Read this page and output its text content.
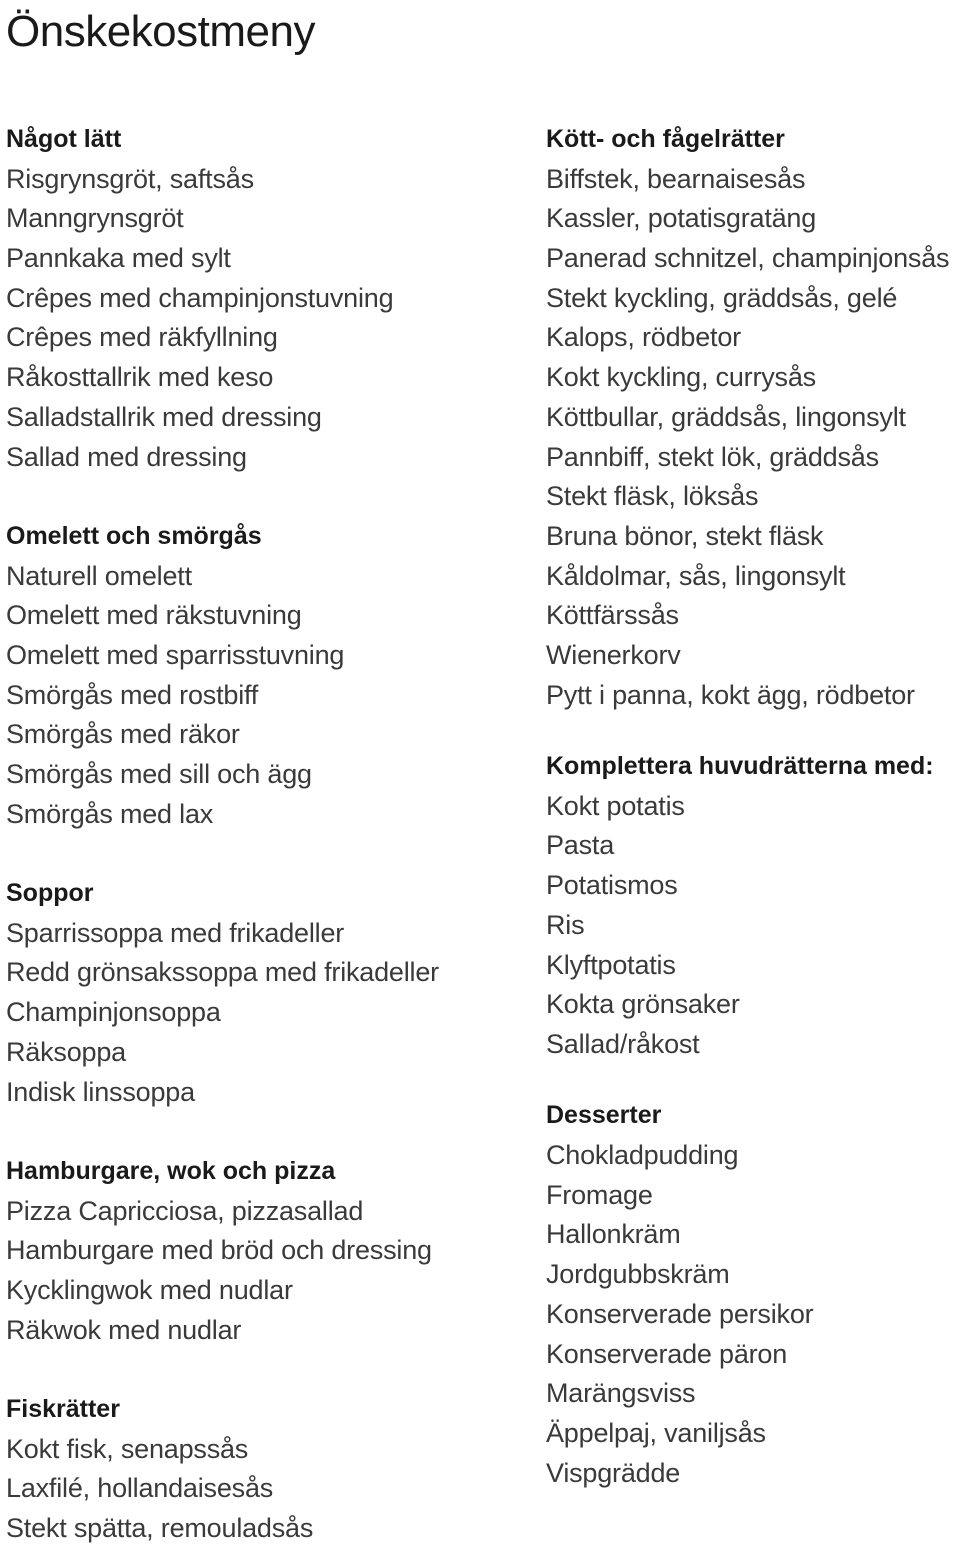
Önskekostmeny
Något lätt
Risgrynsgröt, saftsås
Manngrynsgröt
Pannkaka med sylt
Crêpes med champinjonstuvning
Crêpes med räkfyllning
Råkosttallrik med keso
Salladstallrik med dressing
Sallad med dressing
Omelett och smörgås
Naturell omelett
Omelett med räkstuvning
Omelett med sparrisstuvning
Smörgås med rostbiff
Smörgås med räkor
Smörgås med sill och ägg
Smörgås med lax
Soppor
Sparrissoppa med frikadeller
Redd grönsakssoppa med frikadeller
Champinjonsoppa
Räksoppa
Indisk linssoppa
Hamburgare, wok och pizza
Pizza Capricciosa, pizzasallad
Hamburgare med bröd och dressing
Kycklingwok med nudlar
Räkwok med nudlar
Fiskrätter
Kokt fisk, senapssås
Laxfilé, hollandaisesås
Stekt spätta, remouladsås
Kött- och fågelrätter
Biffstek, bearnaisesås
Kassler, potatisgratäng
Panerad schnitzel, champinjonsås
Stekt kyckling, gräddsås, gelé
Kalops, rödbetor
Kokt kyckling, currysås
Köttbullar, gräddsås, lingonsylt
Pannbiff, stekt lök, gräddsås
Stekt fläsk, löksås
Bruna bönor, stekt fläsk
Kåldolmar, sås, lingonsylt
Köttfärssås
Wienerkorv
Pytt i panna, kokt ägg, rödbetor
Komplettera huvudrätterna med:
Kokt potatis
Pasta
Potatismos
Ris
Klyftpotatis
Kokta grönsaker
Sallad/råkost
Desserter
Chokladpudding
Fromage
Hallonkräm
Jordgubbskräm
Konserverade persikor
Konserverade päron
Marängsviss
Äppelpaj, vaniljsås
Vispgrädde
